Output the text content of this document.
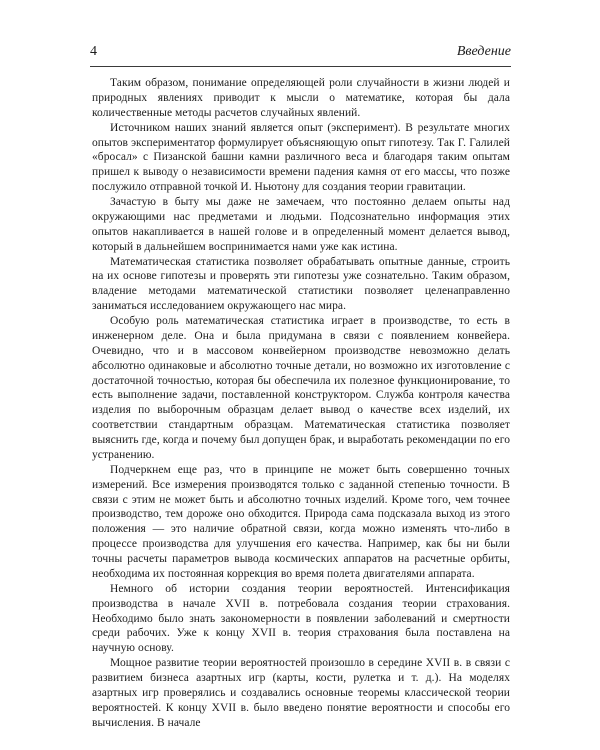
4	Введение

Таким образом, понимание определяющей роли случайности в жизни людей и природных явлениях приводит к мысли о математике, которая бы дала количественные методы расчетов случайных явлений.

Источником наших знаний является опыт (эксперимент). В результате многих опытов экспериментатор формулирует объясняющую опыт гипотезу. Так Г. Галилей «бросал» с Пизанской башни камни различного веса и благодаря таким опытам пришел к выводу о независимости времени падения камня от его массы, что позже послужило отправной точкой И. Ньютону для создания теории гравитации.

Зачастую в быту мы даже не замечаем, что постоянно делаем опыты над окружающими нас предметами и людьми. Подсознательно информация этих опытов накапливается в нашей голове и в определенный момент делается вывод, который в дальнейшем воспринимается нами уже как истина.

Математическая статистика позволяет обрабатывать опытные данные, строить на их основе гипотезы и проверять эти гипотезы уже сознательно. Таким образом, владение методами математической статистики позволяет целенаправленно заниматься исследованием окружающего нас мира.

Особую роль математическая статистика играет в производстве, то есть в инженерном деле. Она и была придумана в связи с появлением конвейера. Очевидно, что и в массовом конвейерном производстве невозможно делать абсолютно одинаковые и абсолютно точные детали, но возможно их изготовление с достаточной точностью, которая бы обеспечила их полезное функционирование, то есть выполнение задачи, поставленной конструктором. Служба контроля качества изделия по выборочным образцам делает вывод о качестве всех изделий, их соответствии стандартным образцам. Математическая статистика позволяет выяснить где, когда и почему был допущен брак, и выработать рекомендации по его устранению.

Подчеркнем еще раз, что в принципе не может быть совершенно точных измерений. Все измерения производятся только с заданной степенью точности. В связи с этим не может быть и абсолютно точных изделий. Кроме того, чем точнее производство, тем дороже оно обходится. Природа сама подсказала выход из этого положения — это наличие обратной связи, когда можно изменять что-либо в процессе производства для улучшения его качества. Например, как бы ни были точны расчеты параметров вывода космических аппаратов на расчетные орбиты, необходима их постоянная коррекция во время полета двигателями аппарата.

Немного об истории создания теории вероятностей. Интенсификация производства в начале XVII в. потребовала создания теории страхования. Необходимо было знать закономерности в появлении заболеваний и смертности среди рабочих. Уже к концу XVII в. теория страхования была поставлена на научную основу.

Мощное развитие теории вероятностей произошло в середине XVII в. в связи с развитием бизнеса азартных игр (карты, кости, рулетка и т. д.). На моделях азартных игр проверялись и создавались основные теоремы классической теории вероятностей. К концу XVII в. было введено понятие вероятности и способы его вычисления. В начале
